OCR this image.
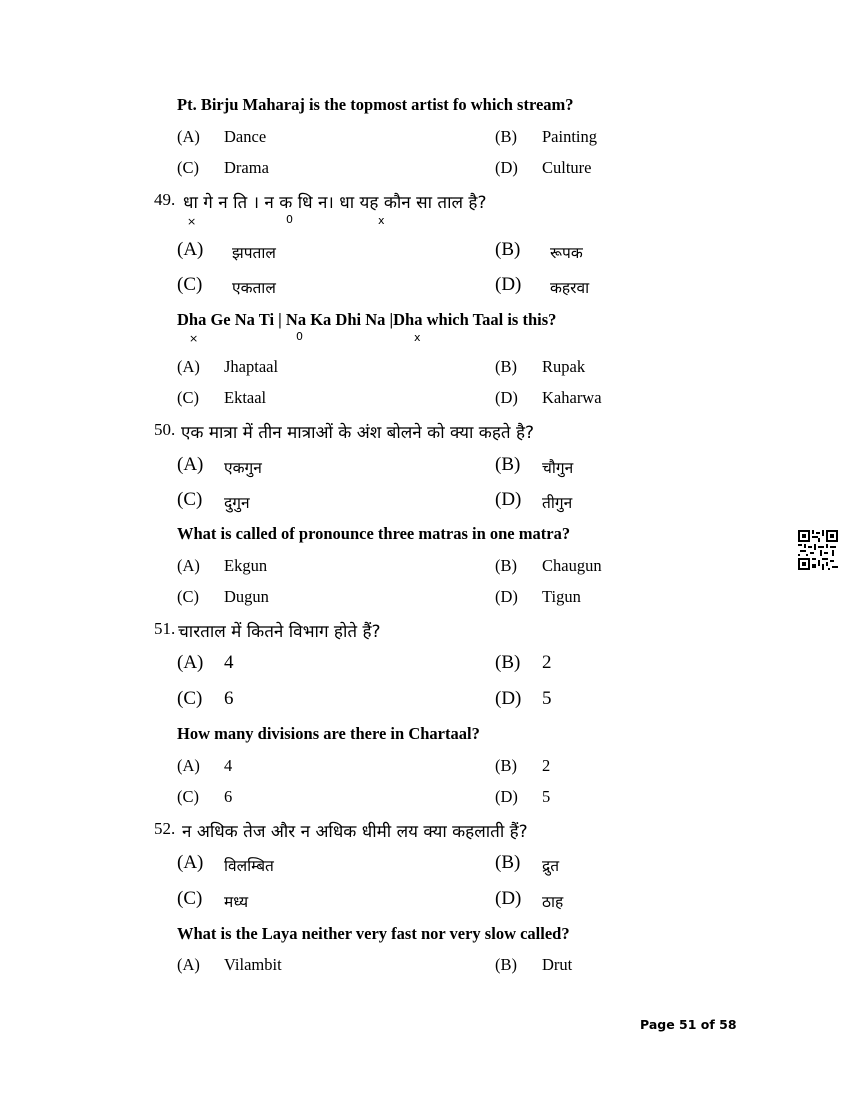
Pt. Birju Maharaj is the topmost artist fo which stream?
(A) Dance	(B) Painting
(C) Drama	(D) Culture
49. धा गे न ति । न क धि न। धा यह कौन सा ताल है?
×	0	x
(A) झपताल	(B) रूपक
(C) एकताल	(D) कहरवा
Dha Ge Na Ti | Na Ka Dhi Na |Dha which Taal is this?
×	0	x
(A) Jhaptaal	(B) Rupak
(C) Ektaal	(D) Kaharwa
50. एक मात्रा में तीन मात्राओं के अंश बोलने को क्या कहते है?
(A) एकगुन	(B) चौगुन
(C) दुगुन	(D) तीगुन
What is called of pronounce three matras in one matra?
(A) Ekgun	(B) Chaugun
(C) Dugun	(D) Tigun
51. चारताल में कितने विभाग होते हैं?
(A) 4	(B) 2
(C) 6	(D) 5
How many divisions are there in Chartaal?
(A) 4	(B) 2
(C) 6	(D) 5
52. न अधिक तेज और न अधिक धीमी लय क्या कहलाती हैं?
(A) विलम्बित	(B) द्रुत
(C) मध्य	(D) ठाह
What is the Laya neither very fast nor very slow called?
(A) Vilambit	(B) Drut
Page 51 of 58
